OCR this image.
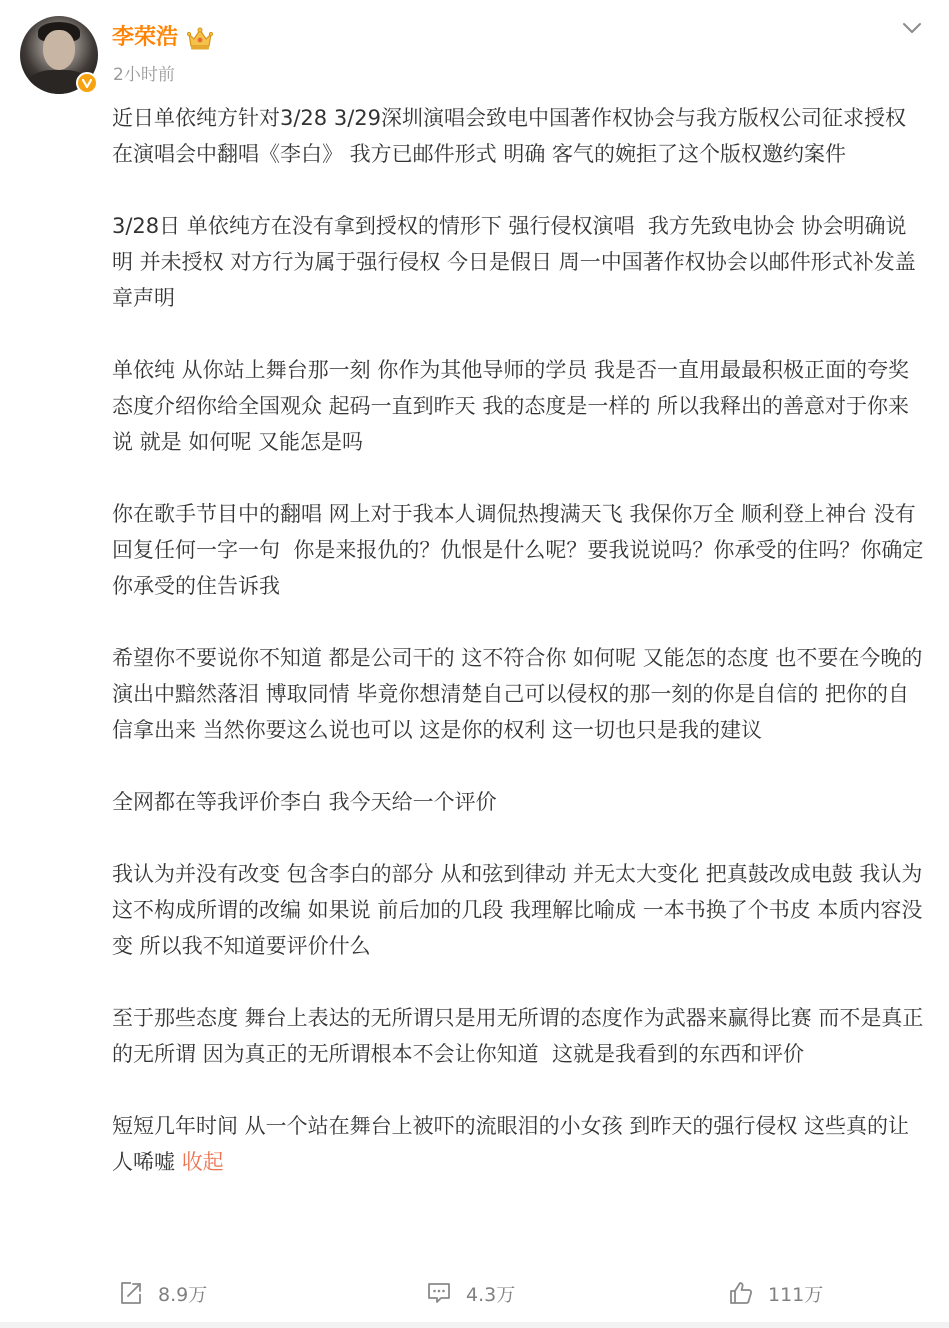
李荣浩
2小时前

近日单依纯方针对3/28 3/29深圳演唱会致电中国著作权协会与我方版权公司征求授权在演唱会中翻唱《李白》 我方已邮件形式 明确 客气的婉拒了这个版权邀约案件

3/28日 单依纯方在没有拿到授权的情形下 强行侵权演唱  我方先致电协会 协会明确说明 并未授权 对方行为属于强行侵权 今日是假日 周一中国著作权协会以邮件形式补发盖章声明

单依纯 从你站上舞台那一刻 你作为其他导师的学员 我是否一直用最最积极正面的夸奖态度介绍你给全国观众 起码一直到昨天 我的态度是一样的 所以我释出的善意对于你来说 就是 如何呢 又能怎是吗

你在歌手节目中的翻唱 网上对于我本人调侃热搜满天飞 我保你万全 顺利登上神台 没有回复任何一字一句  你是来报仇的？仇恨是什么呢？要我说说吗？你承受的住吗？你确定你承受的住告诉我

希望你不要说你不知道 都是公司干的 这不符合你 如何呢 又能怎的态度 也不要在今晚的演出中黯然落泪 博取同情 毕竟你想清楚自己可以侵权的那一刻的你是自信的 把你的自信拿出来 当然你要这么说也可以 这是你的权利 这一切也只是我的建议

全网都在等我评价李白 我今天给一个评价

我认为并没有改变 包含李白的部分 从和弦到律动 并无太大变化 把真鼓改成电鼓 我认为这不构成所谓的改编 如果说 前后加的几段 我理解比喻成 一本书换了个书皮 本质内容没变 所以我不知道要评价什么

至于那些态度 舞台上表达的无所谓只是用无所谓的态度作为武器来赢得比赛 而不是真正的无所谓 因为真正的无所谓根本不会让你知道  这就是我看到的东西和评价

短短几年时间 从一个站在舞台上被吓的流眼泪的小女孩 到昨天的强行侵权 这些真的让人唏嘘 收起

8.9万	4.3万	111万
